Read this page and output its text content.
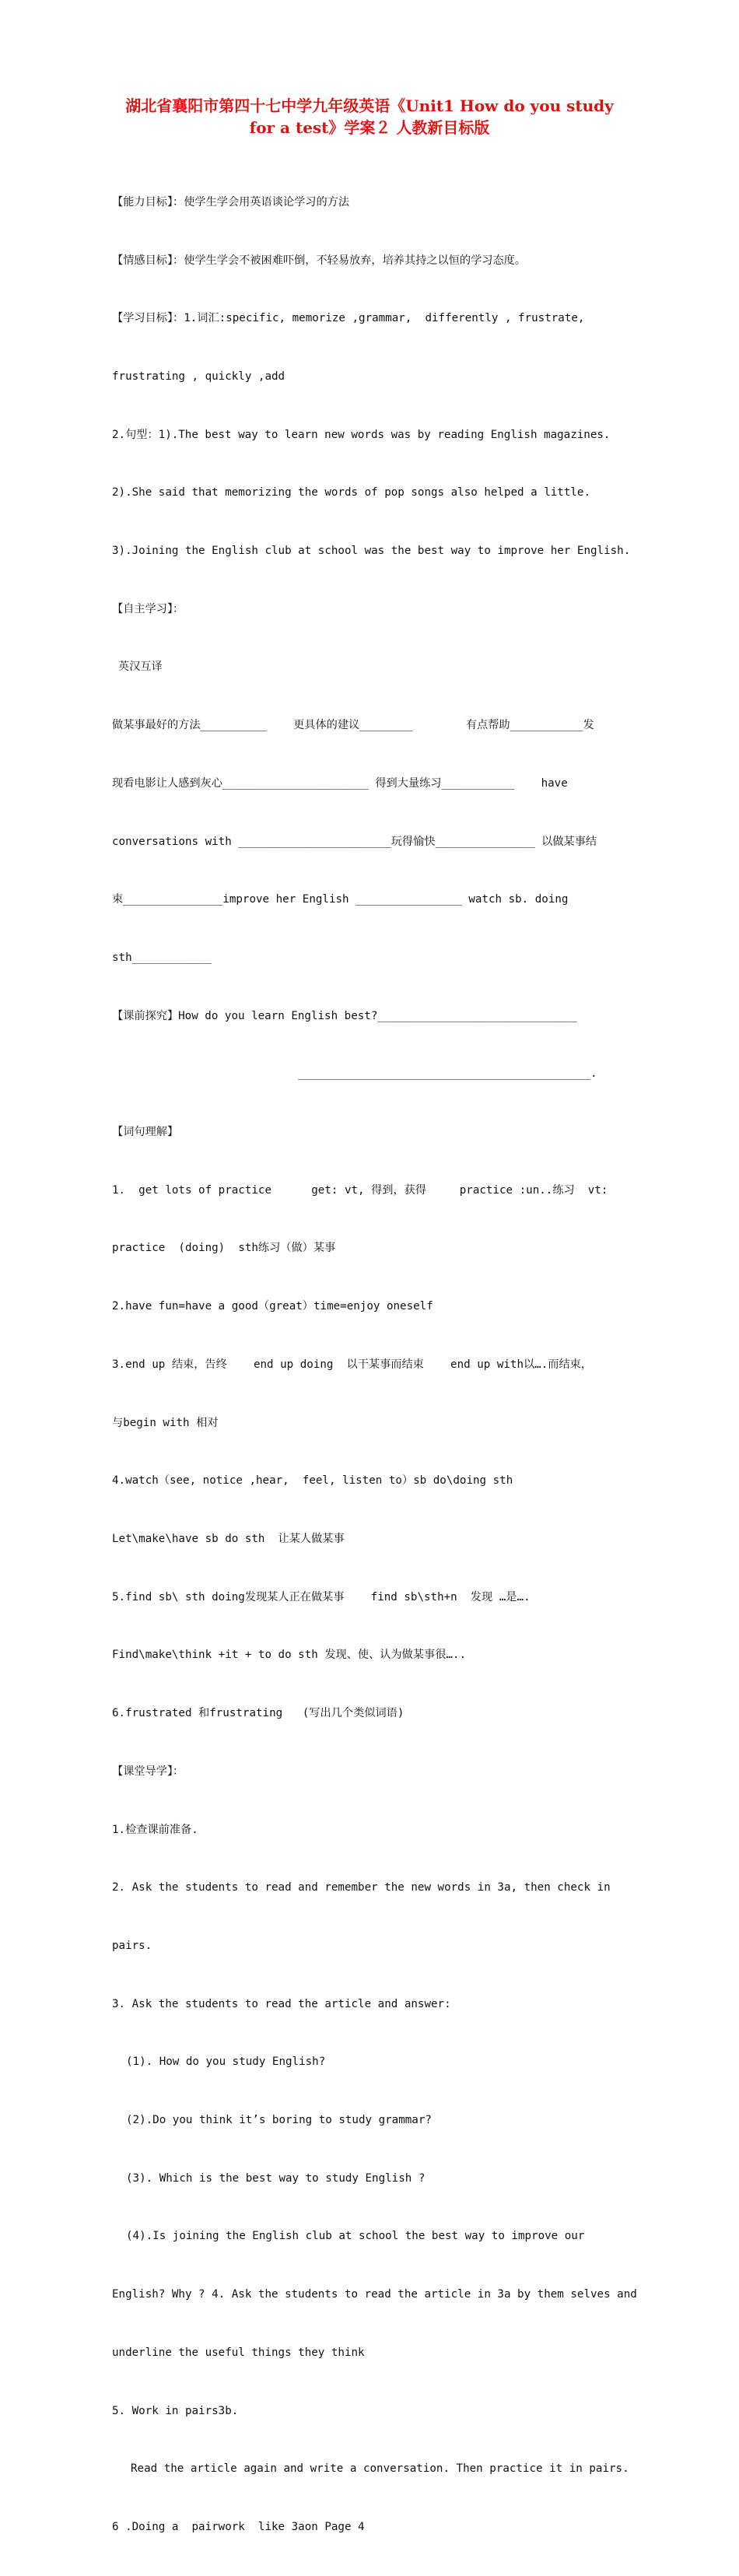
湖北省襄阳市第四十七中学九年级英语《Unit1 How do you study
for a test》学案２ 人教新目标版

【能力目标】：使学生学会用英语谈论学习的方法

【情感目标】：使学生学会不被困难吓倒，不轻易放弃，培养其持之以恒的学习态度。

【学习目标】：1.词汇:specific, memorize ,grammar,  differently , frustrate,

frustrating , quickly ,add

2.句型：1).The best way to learn new words was by reading English magazines.

2).She said that memorizing the words of pop songs also helped a little.

3).Joining the English club at school was the best way to improve her English.

【自主学习】：

英汉互译

做某事最好的方法__________    更具体的建议________        有点帮助___________发

现看电影让人感到灰心______________________ 得到大量练习___________    have

conversations with _______________________玩得愉快_______________ 以做某事结

束_______________improve her English ________________ watch sb. doing

sth____________

【课前探究】How do you learn English best?______________________________

____________________________________________.

【词句理解】

1.  get lots of practice      get: vt, 得到，获得     practice :un..练习  vt:

practice  (doing)  sth练习（做）某事

2.have fun=have a good（great）time=enjoy oneself

3.end up 结束，告终    end up doing  以干某事而结束    end up with以….而结束，

与begin with 相对

4.watch（see, notice ,hear,  feel, listen to）sb do\doing sth

Let\make\have sb do sth  让某人做某事

5.find sb\ sth doing发现某人正在做某事    find sb\sth+n  发现 …是….

Find\make\think +it + to do sth 发现、使、认为做某事很…..

6.frustrated 和frustrating   (写出几个类似词语)

【课堂导学】：

1.检查课前准备.

2. Ask the students to read and remember the new words in 3a, then check in

pairs.

3. Ask the students to read the article and answer:

(1). How do you study English?

(2).Do you think it’s boring to study grammar?

(3). Which is the best way to study English ?

(4).Is joining the English club at school the best way to improve our

English? Why ? 4. Ask the students to read the article in 3a by them selves and

underline the useful things they think

5. Work in pairs3b.

Read the article again and write a conversation. Then practice it in pairs.

6 .Doing a  pairwork  like 3aon Page 4
